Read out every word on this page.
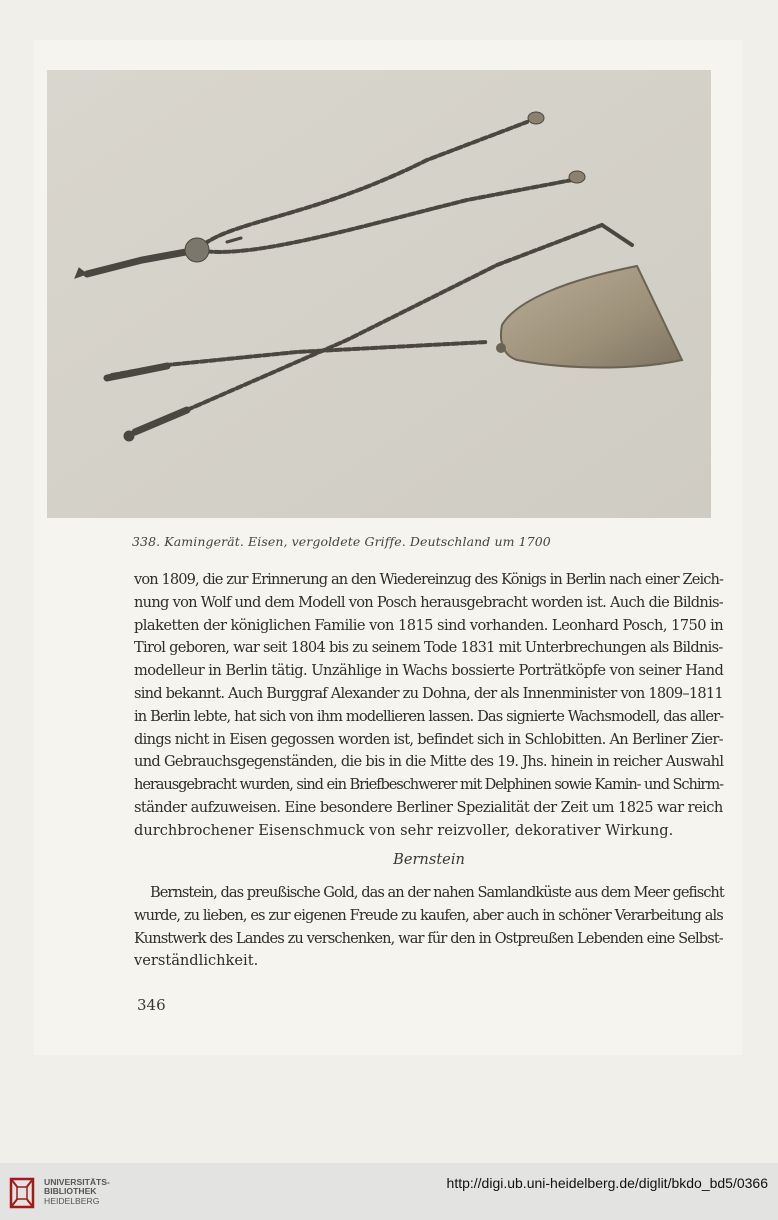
338. Kamingerät. Eisen, vergoldete Griffe. Deutschland um 1700
von 1809, die zur Erinnerung an den Wiedereinzug des Königs in Berlin nach einer Zeich-
nung von Wolf und dem Modell von Posch herausgebracht worden ist. Auch die Bildnis-
plaketten der königlichen Familie von 1815 sind vorhanden. Leonhard Posch, 1750 in
Tirol geboren, war seit 1804 bis zu seinem Tode 1831 mit Unterbrechungen als Bildnis-
modelleur in Berlin tätig. Unzählige in Wachs bossierte Porträtköpfe von seiner Hand
sind bekannt. Auch Burggraf Alexander zu Dohna, der als Innenminister von 1809–1811
in Berlin lebte, hat sich von ihm modellieren lassen. Das signierte Wachsmodell, das aller-
dings nicht in Eisen gegossen worden ist, befindet sich in Schlobitten. An Berliner Zier-
und Gebrauchsgegenständen, die bis in die Mitte des 19. Jhs. hinein in reicher Auswahl
herausgebracht wurden, sind ein Briefbeschwerer mit Delphinen sowie Kamin- und Schirm-
ständer aufzuweisen. Eine besondere Berliner Spezialität der Zeit um 1825 war reich
durchbrochener Eisenschmuck von sehr reizvoller, dekorativer Wirkung.
Bernstein
Bernstein, das preußische Gold, das an der nahen Samlandküste aus dem Meer gefischt
wurde, zu lieben, es zur eigenen Freude zu kaufen, aber auch in schöner Verarbeitung als
Kunstwerk des Landes zu verschenken, war für den in Ostpreußen Lebenden eine Selbst-
verständlichkeit.
346
UNIVERSITÄTS-
BIBLIOTHEK
HEIDELBERG
http://digi.ub.uni-heidelberg.de/diglit/bkdo_bd5/0366
